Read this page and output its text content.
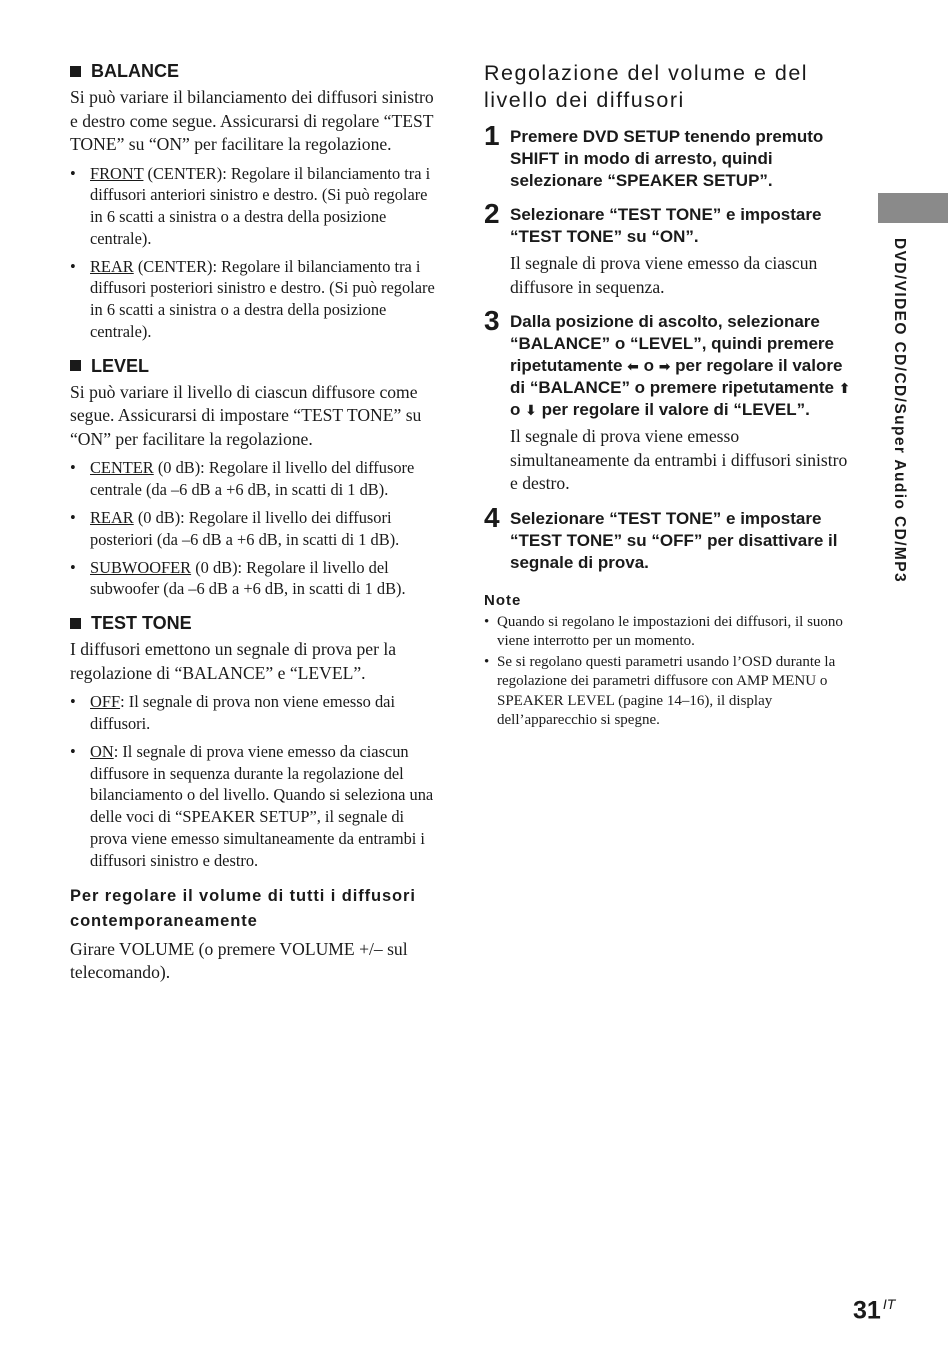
BALANCE

Si può variare il bilanciamento dei diffusori sinistro e destro come segue. Assicurarsi di regolare “TEST TONE” su “ON” per facilitare la regolazione.

• FRONT (CENTER): Regolare il bilanciamento tra i diffusori anteriori sinistro e destro. (Si può regolare in 6 scatti a sinistra o a destra della posizione centrale).
• REAR (CENTER): Regolare il bilanciamento tra i diffusori posteriori sinistro e destro. (Si può regolare in 6 scatti a sinistra o a destra della posizione centrale).
LEVEL

Si può variare il livello di ciascun diffusore come segue. Assicurarsi di impostare “TEST TONE” su “ON” per facilitare la regolazione.

• CENTER (0 dB): Regolare il livello del diffusore centrale (da –6 dB a +6 dB, in scatti di 1 dB).
• REAR (0 dB): Regolare il livello dei diffusori posteriori (da –6 dB a +6 dB, in scatti di 1 dB).
• SUBWOOFER (0 dB): Regolare il livello del subwoofer (da –6 dB a +6 dB, in scatti di 1 dB).
TEST TONE

I diffusori emettono un segnale di prova per la regolazione di “BALANCE” e “LEVEL”.

• OFF: Il segnale di prova non viene emesso dai diffusori.
• ON: Il segnale di prova viene emesso da ciascun diffusore in sequenza durante la regolazione del bilanciamento o del livello. Quando si seleziona una delle voci di “SPEAKER SETUP”, il segnale di prova viene emesso simultaneamente da entrambi i diffusori sinistro e destro.
Per regolare il volume di tutti i diffusori contemporaneamente

Girare VOLUME (o premere VOLUME +/– sul telecomando).

Regolazione del volume e del livello dei diffusori
1 Premere DVD SETUP tenendo premuto SHIFT in modo di arresto, quindi selezionare “SPEAKER SETUP”.

2 Selezionare “TEST TONE” e impostare “TEST TONE” su “ON”.

Il segnale di prova viene emesso da ciascun diffusore in sequenza.

3 Dalla posizione di ascolto, selezionare “BALANCE” o “LEVEL”, quindi premere ripetutamente ⬅ o ➡ per regolare il valore di “BALANCE” o premere ripetutamente ⬆ o ⬇ per regolare il valore di “LEVEL”.

Il segnale di prova viene emesso simultaneamente da entrambi i diffusori sinistro e destro.

4 Selezionare “TEST TONE” e impostare “TEST TONE” su “OFF” per disattivare il segnale di prova.

Note
• Quando si regolano le impostazioni dei diffusori, il suono viene interrotto per un momento.
• Se si regolano questi parametri usando l’OSD durante la regolazione dei parametri diffusore con AMP MENU o SPEAKER LEVEL (pagine 14–16), il display dell’apparecchio si spegne.
DVD/VIDEO CD/CD/Super Audio CD/MP3
31 $^{IT}$
